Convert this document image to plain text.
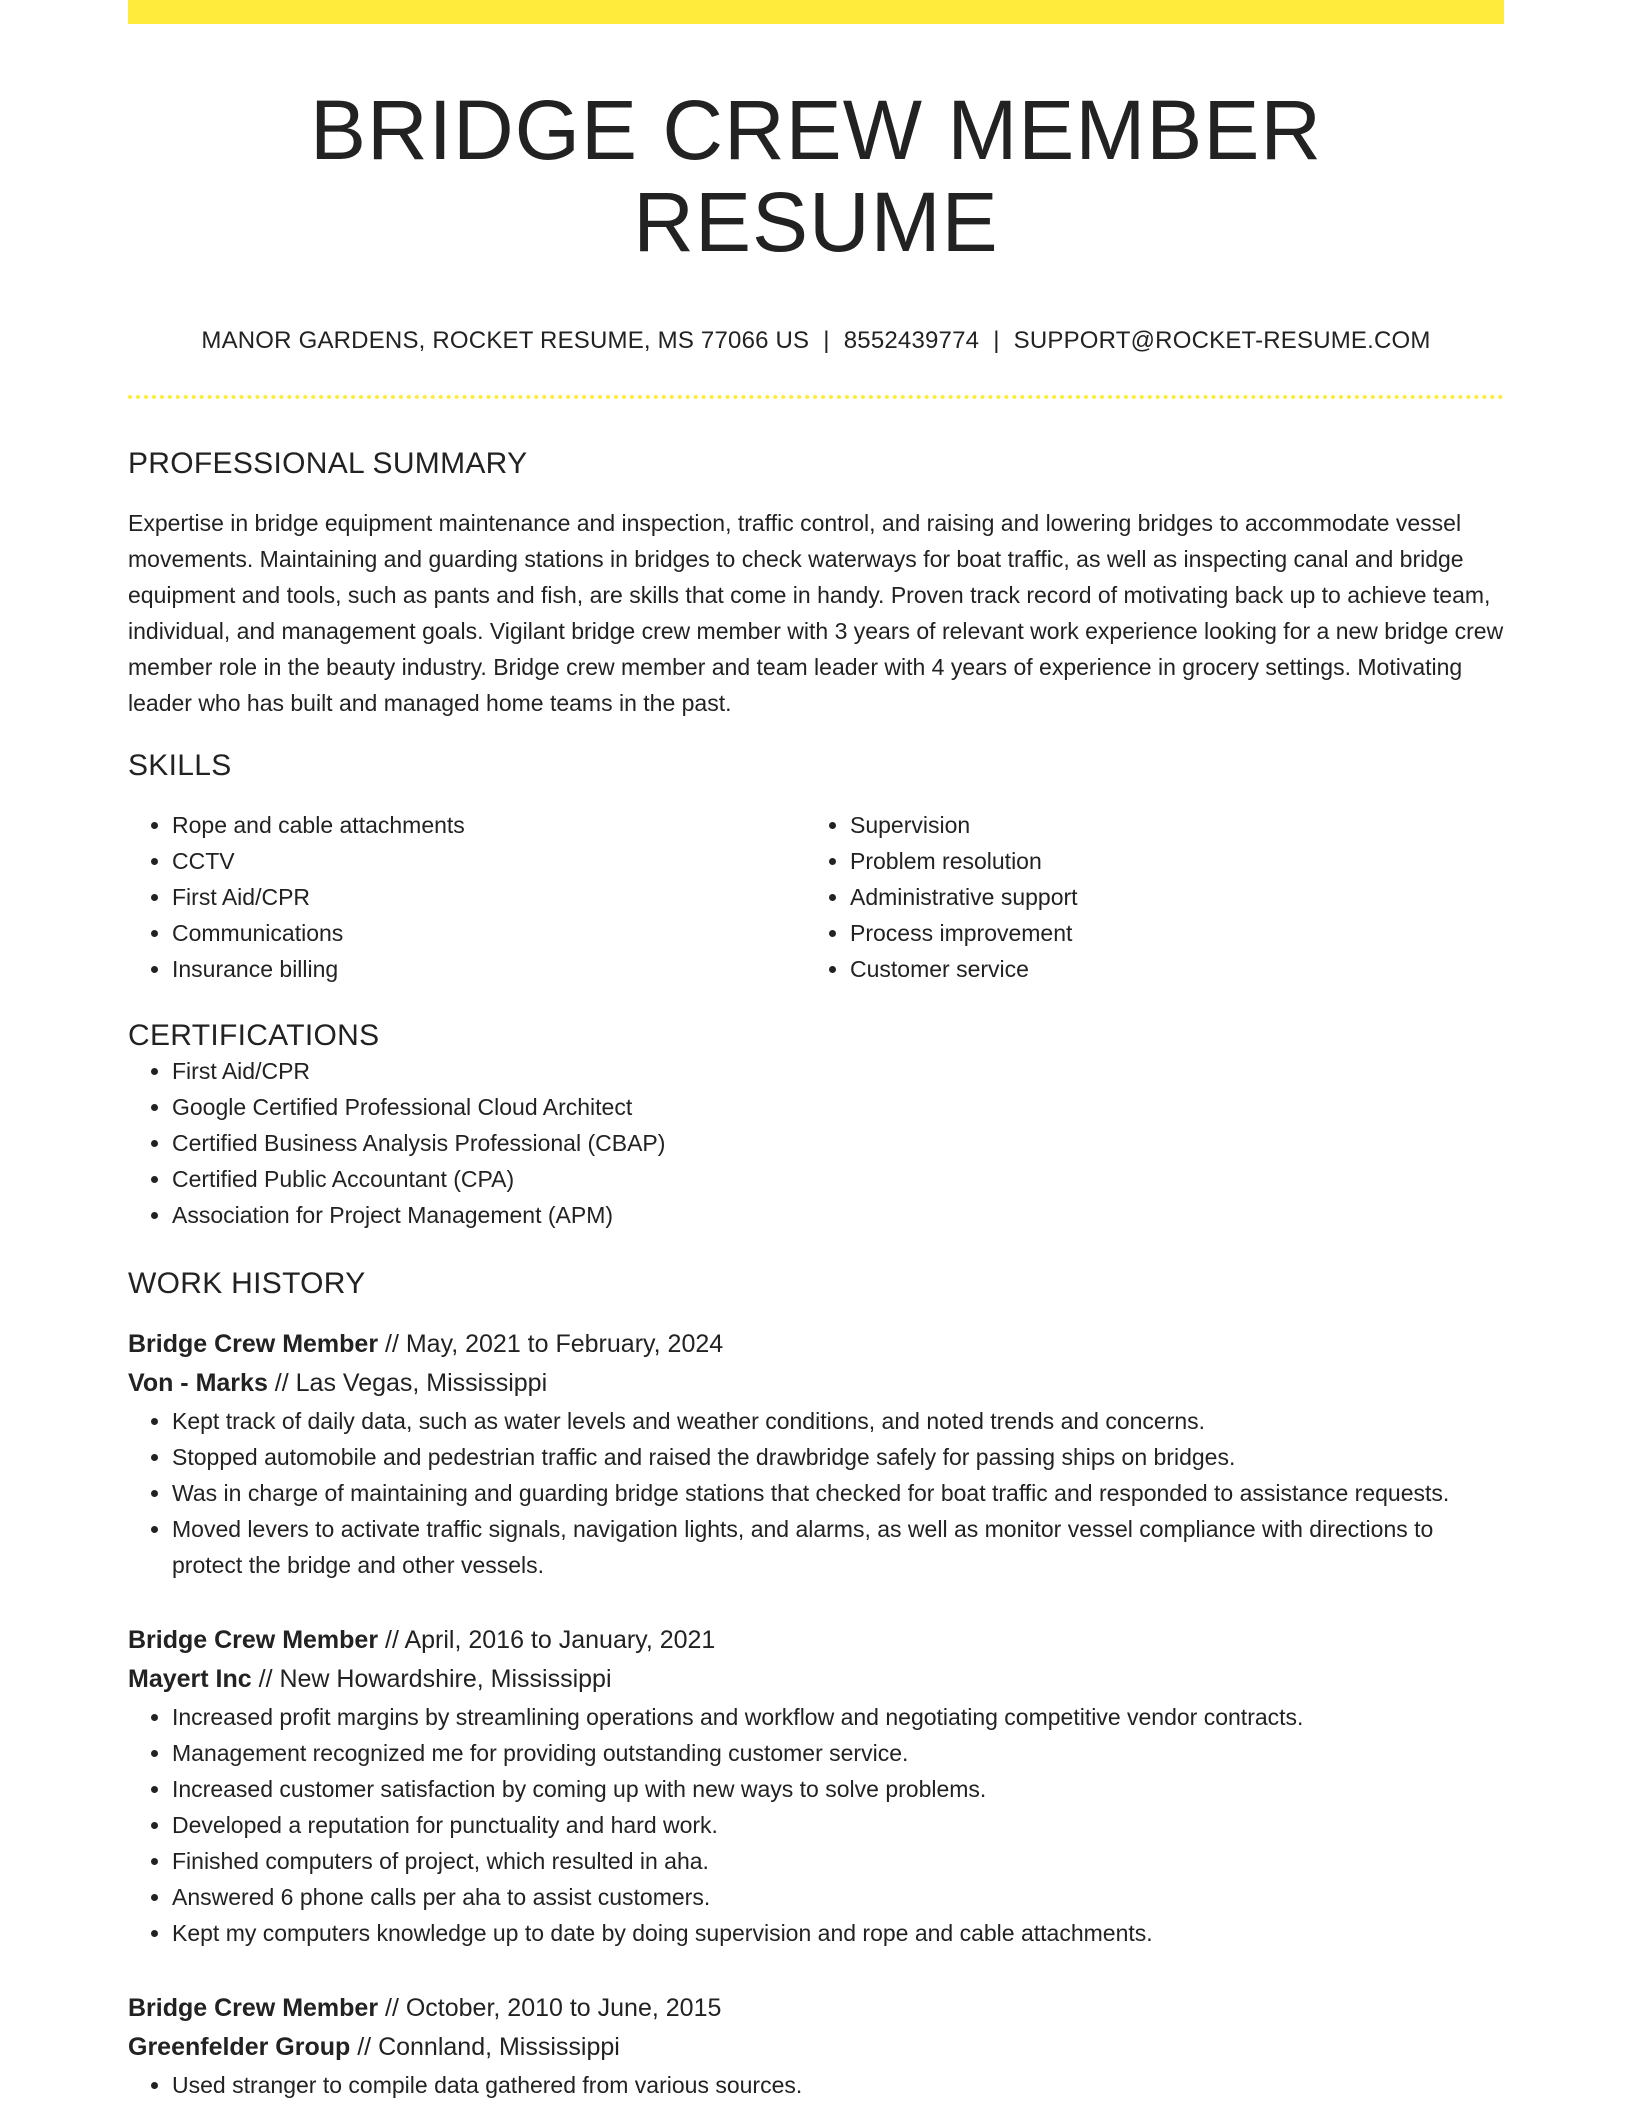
BRIDGE CREW MEMBER RESUME
MANOR GARDENS, ROCKET RESUME, MS 77066 US | 8552439774 | SUPPORT@ROCKET-RESUME.COM
PROFESSIONAL SUMMARY

Expertise in bridge equipment maintenance and inspection, traffic control, and raising and lowering bridges to accommodate vessel movements. Maintaining and guarding stations in bridges to check waterways for boat traffic, as well as inspecting canal and bridge equipment and tools, such as pants and fish, are skills that come in handy. Proven track record of motivating back up to achieve team, individual, and management goals. Vigilant bridge crew member with 3 years of relevant work experience looking for a new bridge crew member role in the beauty industry. Bridge crew member and team leader with 4 years of experience in grocery settings. Motivating leader who has built and managed home teams in the past.

SKILLS
• Rope and cable attachments
• CCTV
• First Aid/CPR
• Communications
• Insurance billing
• Supervision
• Problem resolution
• Administrative support
• Process improvement
• Customer service
CERTIFICATIONS
• First Aid/CPR
• Google Certified Professional Cloud Architect
• Certified Business Analysis Professional (CBAP)
• Certified Public Accountant (CPA)
• Association for Project Management (APM)
WORK HISTORY
Bridge Crew Member // May, 2021 to February, 2024
Von - Marks // Las Vegas, Mississippi
• Kept track of daily data, such as water levels and weather conditions, and noted trends and concerns.
• Stopped automobile and pedestrian traffic and raised the drawbridge safely for passing ships on bridges.
• Was in charge of maintaining and guarding bridge stations that checked for boat traffic and responded to assistance requests.
• Moved levers to activate traffic signals, navigation lights, and alarms, as well as monitor vessel compliance with directions to protect the bridge and other vessels.
Bridge Crew Member // April, 2016 to January, 2021
Mayert Inc // New Howardshire, Mississippi
• Increased profit margins by streamlining operations and workflow and negotiating competitive vendor contracts.
• Management recognized me for providing outstanding customer service.
• Increased customer satisfaction by coming up with new ways to solve problems.
• Developed a reputation for punctuality and hard work.
• Finished computers of project, which resulted in aha.
• Answered 6 phone calls per aha to assist customers.
• Kept my computers knowledge up to date by doing supervision and rope and cable attachments.
Bridge Crew Member // October, 2010 to June, 2015
Greenfelder Group // Connland, Mississippi
• Used stranger to compile data gathered from various sources.
